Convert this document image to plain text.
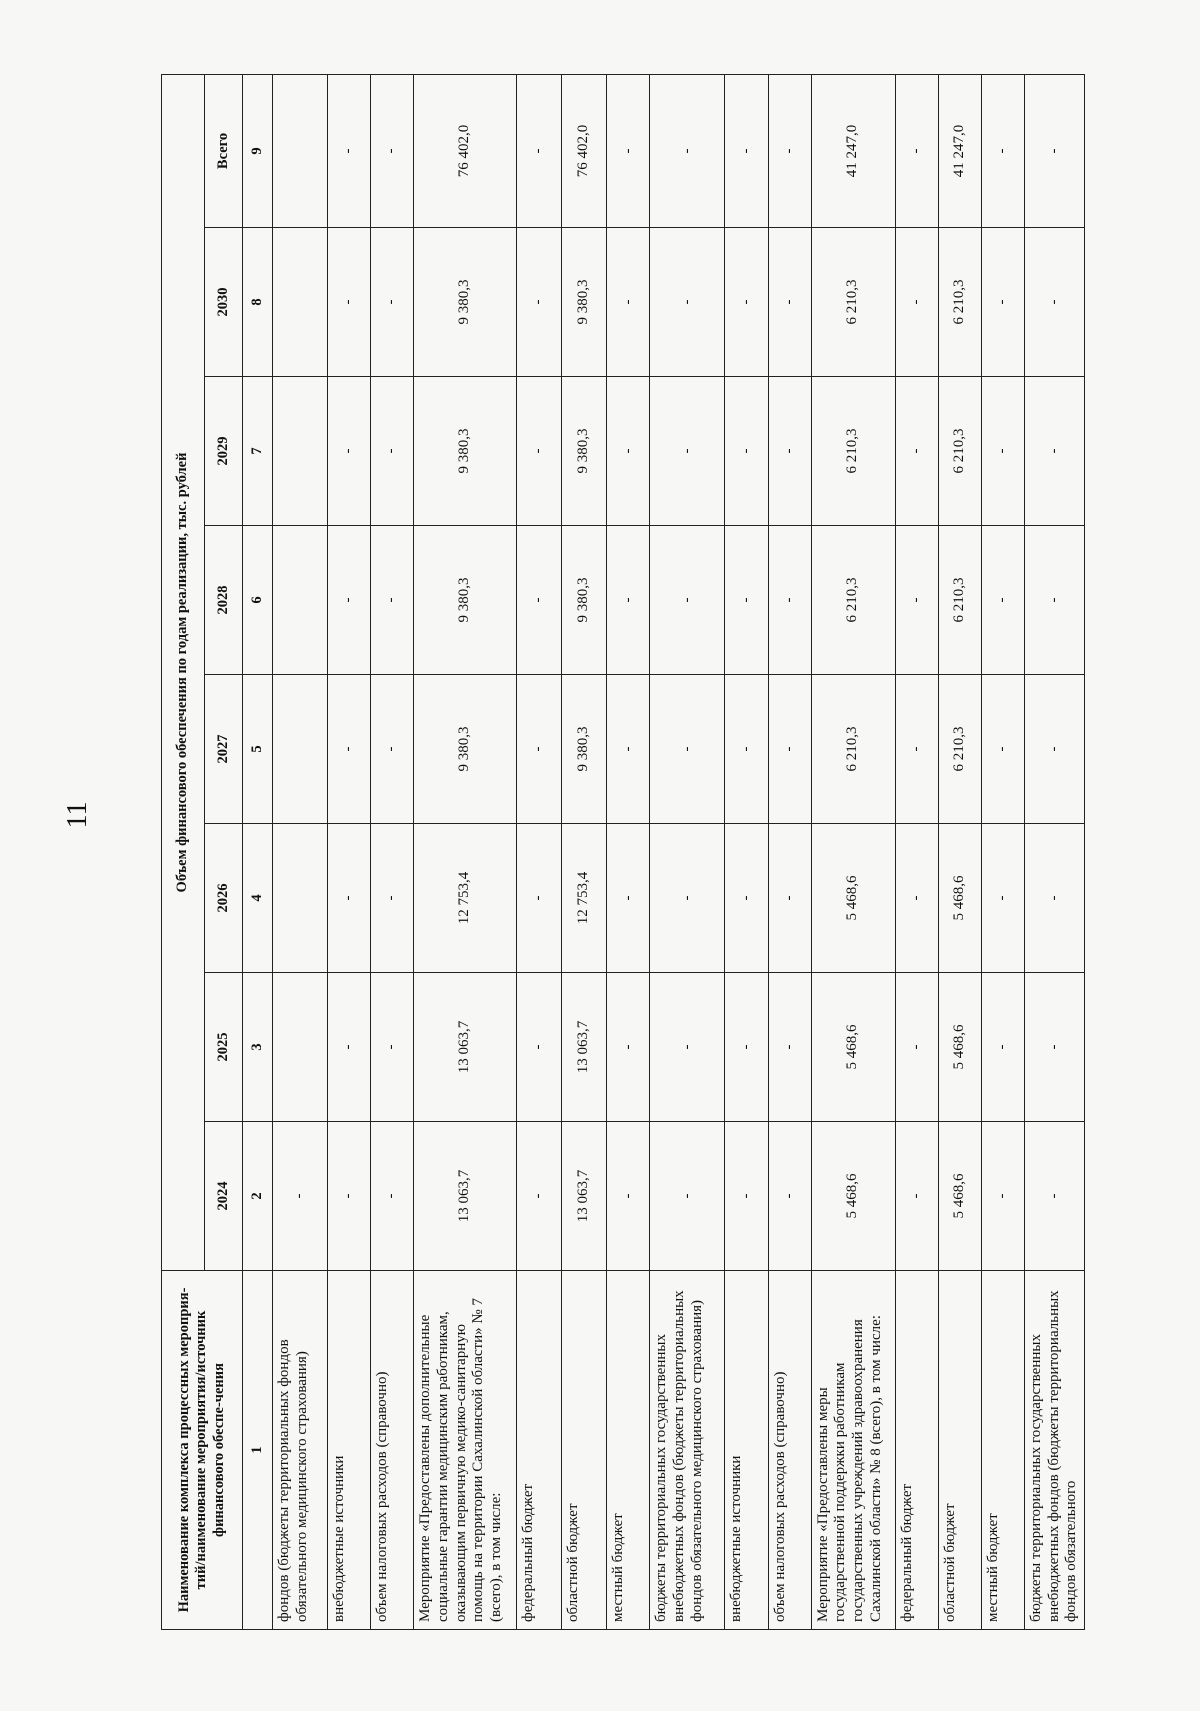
11
Наименование комплекса процессных мероприя-тий/наименование мероприятия/источник финансового обеспе-чения	Объем финансового обеспечения по годам реализации, тыс. рублей							
	2024	2025	2026	2027	2028	2029	2030	Всего
1	2	3	4	5	6	7	8	9
фондов (бюджеты территориальных фондов обязательного медицинского страхования)	-							
внебюджетные источники	-	-	-	-	-	-	-	-
объем налоговых расходов (справочно)	-	-	-	-	-	-	-	-
Мероприятие «Предоставлены дополнительные социальные гарантии медицинским работникам, оказывающим первичную медико-санитарную помощь на территории Сахалинской области» № 7 (всего), в том числе:	13 063,7	13 063,7	12 753,4	9 380,3	9 380,3	9 380,3	9 380,3	76 402,0
федеральный бюджет	-	-	-	-	-	-	-	-
областной бюджет	13 063,7	13 063,7	12 753,4	9 380,3	9 380,3	9 380,3	9 380,3	76 402,0
местный бюджет	-	-	-	-	-	-	-	-
бюджеты территориальных государственных внебюджетных фондов (бюджеты территориальных фондов обязательного медицинского страхования)	-	-	-	-	-	-	-	-
внебюджетные источники	-	-	-	-	-	-	-	-
объем налоговых расходов (справочно)	-	-	-	-	-	-	-	-
Мероприятие «Предоставлены меры государственной поддержки работникам государственных учреждений здравоохранения Сахалинской области» № 8 (всего), в том числе:	5 468,6	5 468,6	5 468,6	6 210,3	6 210,3	6 210,3	6 210,3	41 247,0
федеральный бюджет	-	-	-	-	-	-	-	-
областной бюджет	5 468,6	5 468,6	5 468,6	6 210,3	6 210,3	6 210,3	6 210,3	41 247,0
местный бюджет	-	-	-	-	-	-	-	-
бюджеты территориальных государственных внебюджетных фондов (бюджеты территориальных фондов обязательного	-	-	-	-	-	-	-	-
